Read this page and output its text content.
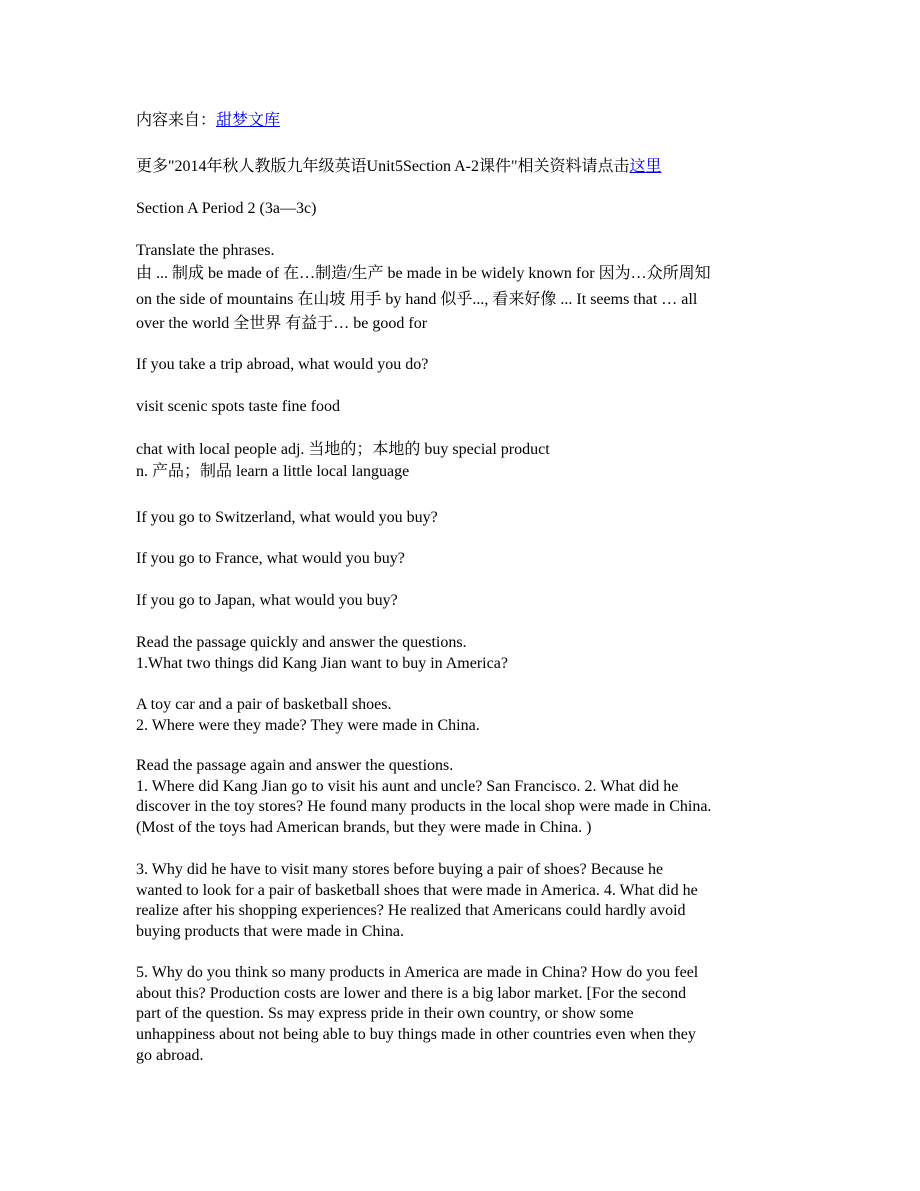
内容来自：甜梦文库

更多"2014年秋人教版九年级英语Unit5Section A-2课件"相关资料请点击这里

Section A Period 2 (3a—3c)

Translate the phrases.
由 ... 制成 be made of 在…制造/生产 be made in be widely known for 因为…众所周知
on the side of mountains 在山坡 用手 by hand 似乎..., 看来好像 ... It seems that … all
over the world 全世界 有益于… be good for

If you take a trip abroad, what would you do?

visit scenic spots taste fine food

chat with local people adj. 当地的；本地的 buy special product
n. 产品；制品 learn a little local language

If you go to Switzerland, what would you buy?

If you go to France, what would you buy?

If you go to Japan, what would you buy?

Read the passage quickly and answer the questions.
1.What two things did Kang Jian want to buy in America?
A toy car and a pair of basketball shoes.
2. Where were they made? They were made in China.
Read the passage again and answer the questions.
1. Where did Kang Jian go to visit his aunt and uncle? San Francisco. 2. What did he
discover in the toy stores? He found many products in the local shop were made in China.
(Most of the toys had American brands, but they were made in China. )
3. Why did he have to visit many stores before buying a pair of shoes? Because he
wanted to look for a pair of basketball shoes that were made in America. 4. What did he
realize after his shopping experiences? He realized that Americans could hardly avoid
buying products that were made in China.
5. Why do you think so many products in America are made in China? How do you feel
about this? Production costs are lower and there is a big labor market. [For the second
part of the question. Ss may express pride in their own country, or show some
unhappiness about not being able to buy things made in other countries even when they
go abroad.
